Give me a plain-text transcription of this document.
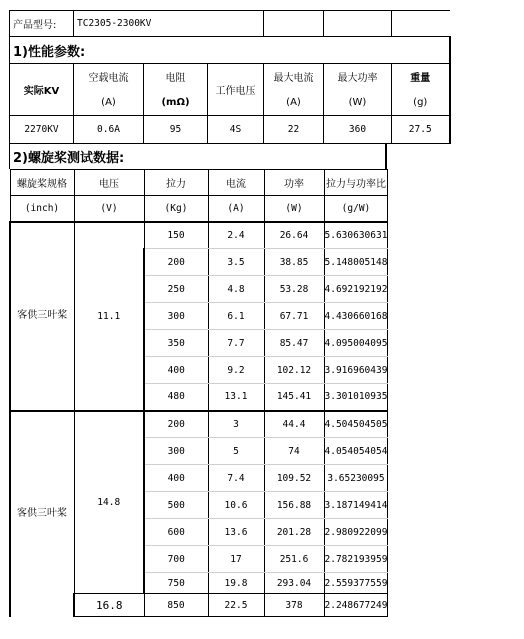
产品型号:	TC2305-2300KV					
1)性能参数:						
实际KV	空载电流	电阻	工作电压	最大电流	最大功率	重量
	(A)	(mΩ)		(A)	(W)	(g)
2270KV	0.6A	95	4S	22	360	27.5
2)螺旋桨测试数据:
螺旋桨规格	电压	拉力	电流	功率	拉力与功率比
(inch)	(V)	(Kg)	(A)	(W)	(g/W)
客供三叶桨	11.1	150	2.4	26.64	5.630630631
		200	3.5	38.85	5.148005148
		250	4.8	53.28	4.692192192
		300	6.1	67.71	4.430660168
		350	7.7	85.47	4.095004095
		400	9.2	102.12	3.916960439
		480	13.1	145.41	3.301010935
客供三叶桨	14.8	200	3	44.4	4.504504505
		300	5	74	4.054054054
		400	7.4	109.52	3.65230095
		500	10.6	156.88	3.187149414
		600	13.6	201.28	2.980922099
		700	17	251.6	2.782193959
		750	19.8	293.04	2.559377559
	16.8	850	22.5	378	2.248677249
